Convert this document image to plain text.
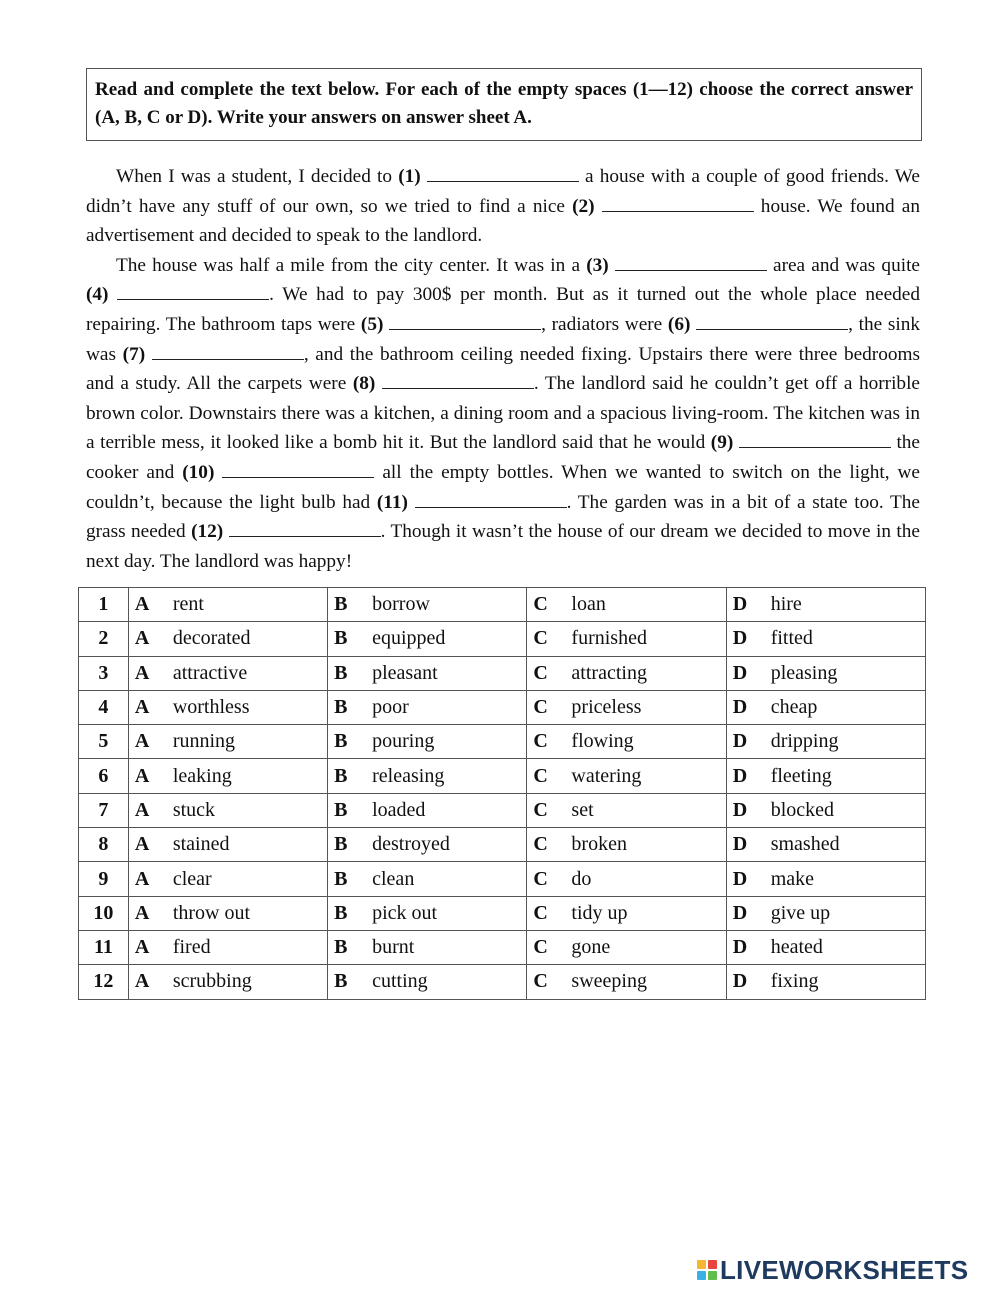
Read and complete the text below. For each of the empty spaces (1—12) choose the correct answer (A, B, C or D). Write your answers on answer sheet A.

When I was a student, I decided to (1)	a house with a couple of good friends. We didn’t have any stuff of our own, so we tried to find a nice (2)	house. We found an advertisement and decided to speak to the landlord.

The house was half a mile from the city center. It was in a (3)	area and was quite (4)	. We had to pay 300$ per month. But as it turned out the whole place needed repairing. The bathroom taps were (5)	, radiators were (6)	, the sink was (7)	, and the bathroom ceiling needed fixing. Upstairs there were three bedrooms and a study. All the carpets were (8)	. The landlord said he couldn’t get off a horrible brown color. Downstairs there was a kitchen, a dining room and a spacious living-room. The kitchen was in a terrible mess, it looked like a bomb hit it. But the landlord said that he would (9)	the cooker and (10)	all the empty bottles. When we wanted to switch on the light, we couldn’t, because the light bulb had (11)	. The garden was in a bit of a state too. The grass needed (12)	. Though it wasn’t the house of our dream we decided to move in the next day. The landlord was happy!

1	A rent	B borrow	C loan	D hire
2	A decorated	B equipped	C furnished	D fitted
3	A attractive	B pleasant	C attracting	D pleasing
4	A worthless	B poor	C priceless	D cheap
5	A running	B pouring	C flowing	D dripping
6	A leaking	B releasing	C watering	D fleeting
7	A stuck	B loaded	C set	D blocked
8	A stained	B destroyed	C broken	D smashed
9	A clear	B clean	C do	D make
10	A throw out	B pick out	C tidy up	D give up
11	A fired	B burnt	C gone	D heated
12	A scrubbing	B cutting	C sweeping	D fixing
LIVEWORKSHEETS
